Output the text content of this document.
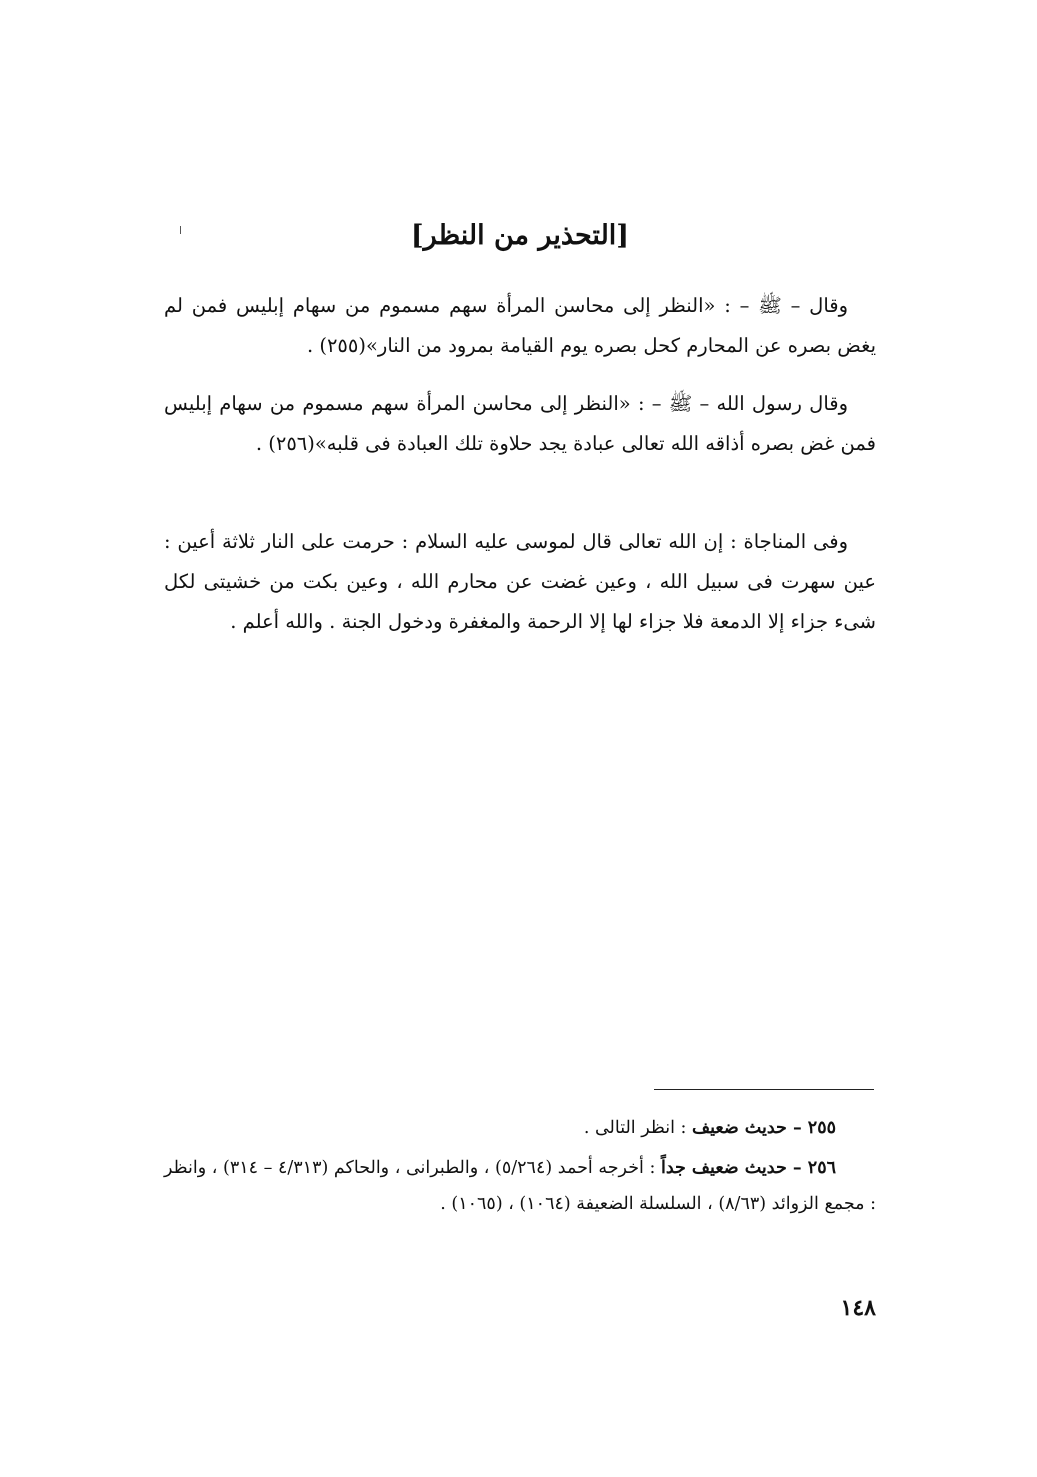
[التحذير من النظر]

وقال – ﷺ – : «النظر إلى محاسن المرأة سهم مسموم من سهام إبليس فمن لم يغض بصره عن المحارم كحل بصره يوم القيامة بمرود من النار»(٢٥٥) .

وقال رسول الله – ﷺ – : «النظر إلى محاسن المرأة سهم مسموم من سهام إبليس فمن غض بصره أذاقه الله تعالى عبادة يجد حلاوة تلك العبادة فى قلبه»(٢٥٦) .

وفى المناجاة : إن الله تعالى قال لموسى عليه السلام : حرمت على النار ثلاثة أعين : عين سهرت فى سبيل الله ، وعين غضت عن محارم الله ، وعين بكت من خشيتى لكل شىء جزاء إلا الدمعة فلا جزاء لها إلا الرحمة والمغفرة ودخول الجنة . والله أعلم .

٢٥٥ – حديث ضعيف : انظر التالى .

٢٥٦ – حديث ضعيف جداً : أخرجه أحمد (٥/٢٦٤) ، والطبرانى ، والحاكم (٤/٣١٣ – ٣١٤) ، وانظر : مجمع الزوائد (٨/٦٣) ، السلسلة الضعيفة (١٠٦٤) ، (١٠٦٥) .

١٤٨
